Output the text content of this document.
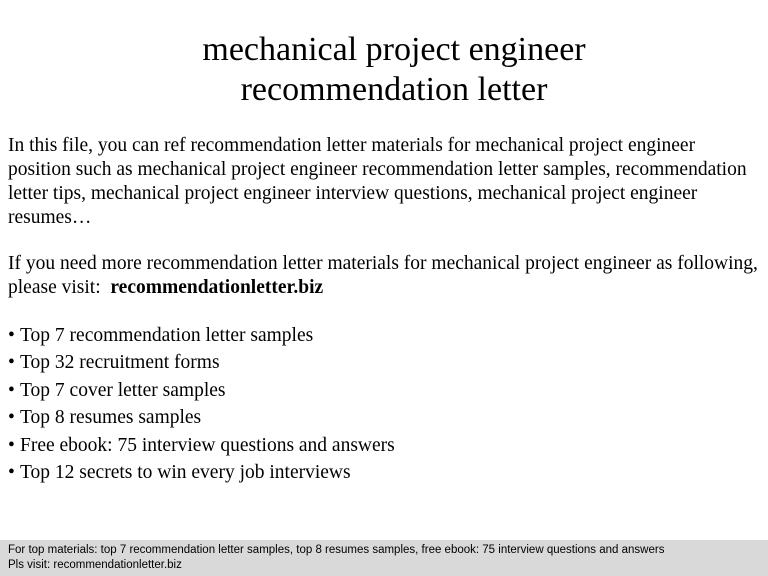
mechanical project engineer
recommendation letter

In this file, you can ref recommendation letter materials for mechanical project engineer position such as mechanical project engineer recommendation letter samples, recommendation letter tips, mechanical project engineer interview questions, mechanical project engineer resumes…

If you need more recommendation letter materials for mechanical project engineer as following, please visit: recommendationletter.biz

• Top 7 recommendation letter samples
• Top 32 recruitment forms
• Top 7 cover letter samples
• Top 8 resumes samples
• Free ebook: 75 interview questions and answers
• Top 12 secrets to win every job interviews
For top materials: top 7 recommendation letter samples, top 8 resumes samples, free ebook: 75 interview questions and answers
Pls visit: recommendationletter.biz
